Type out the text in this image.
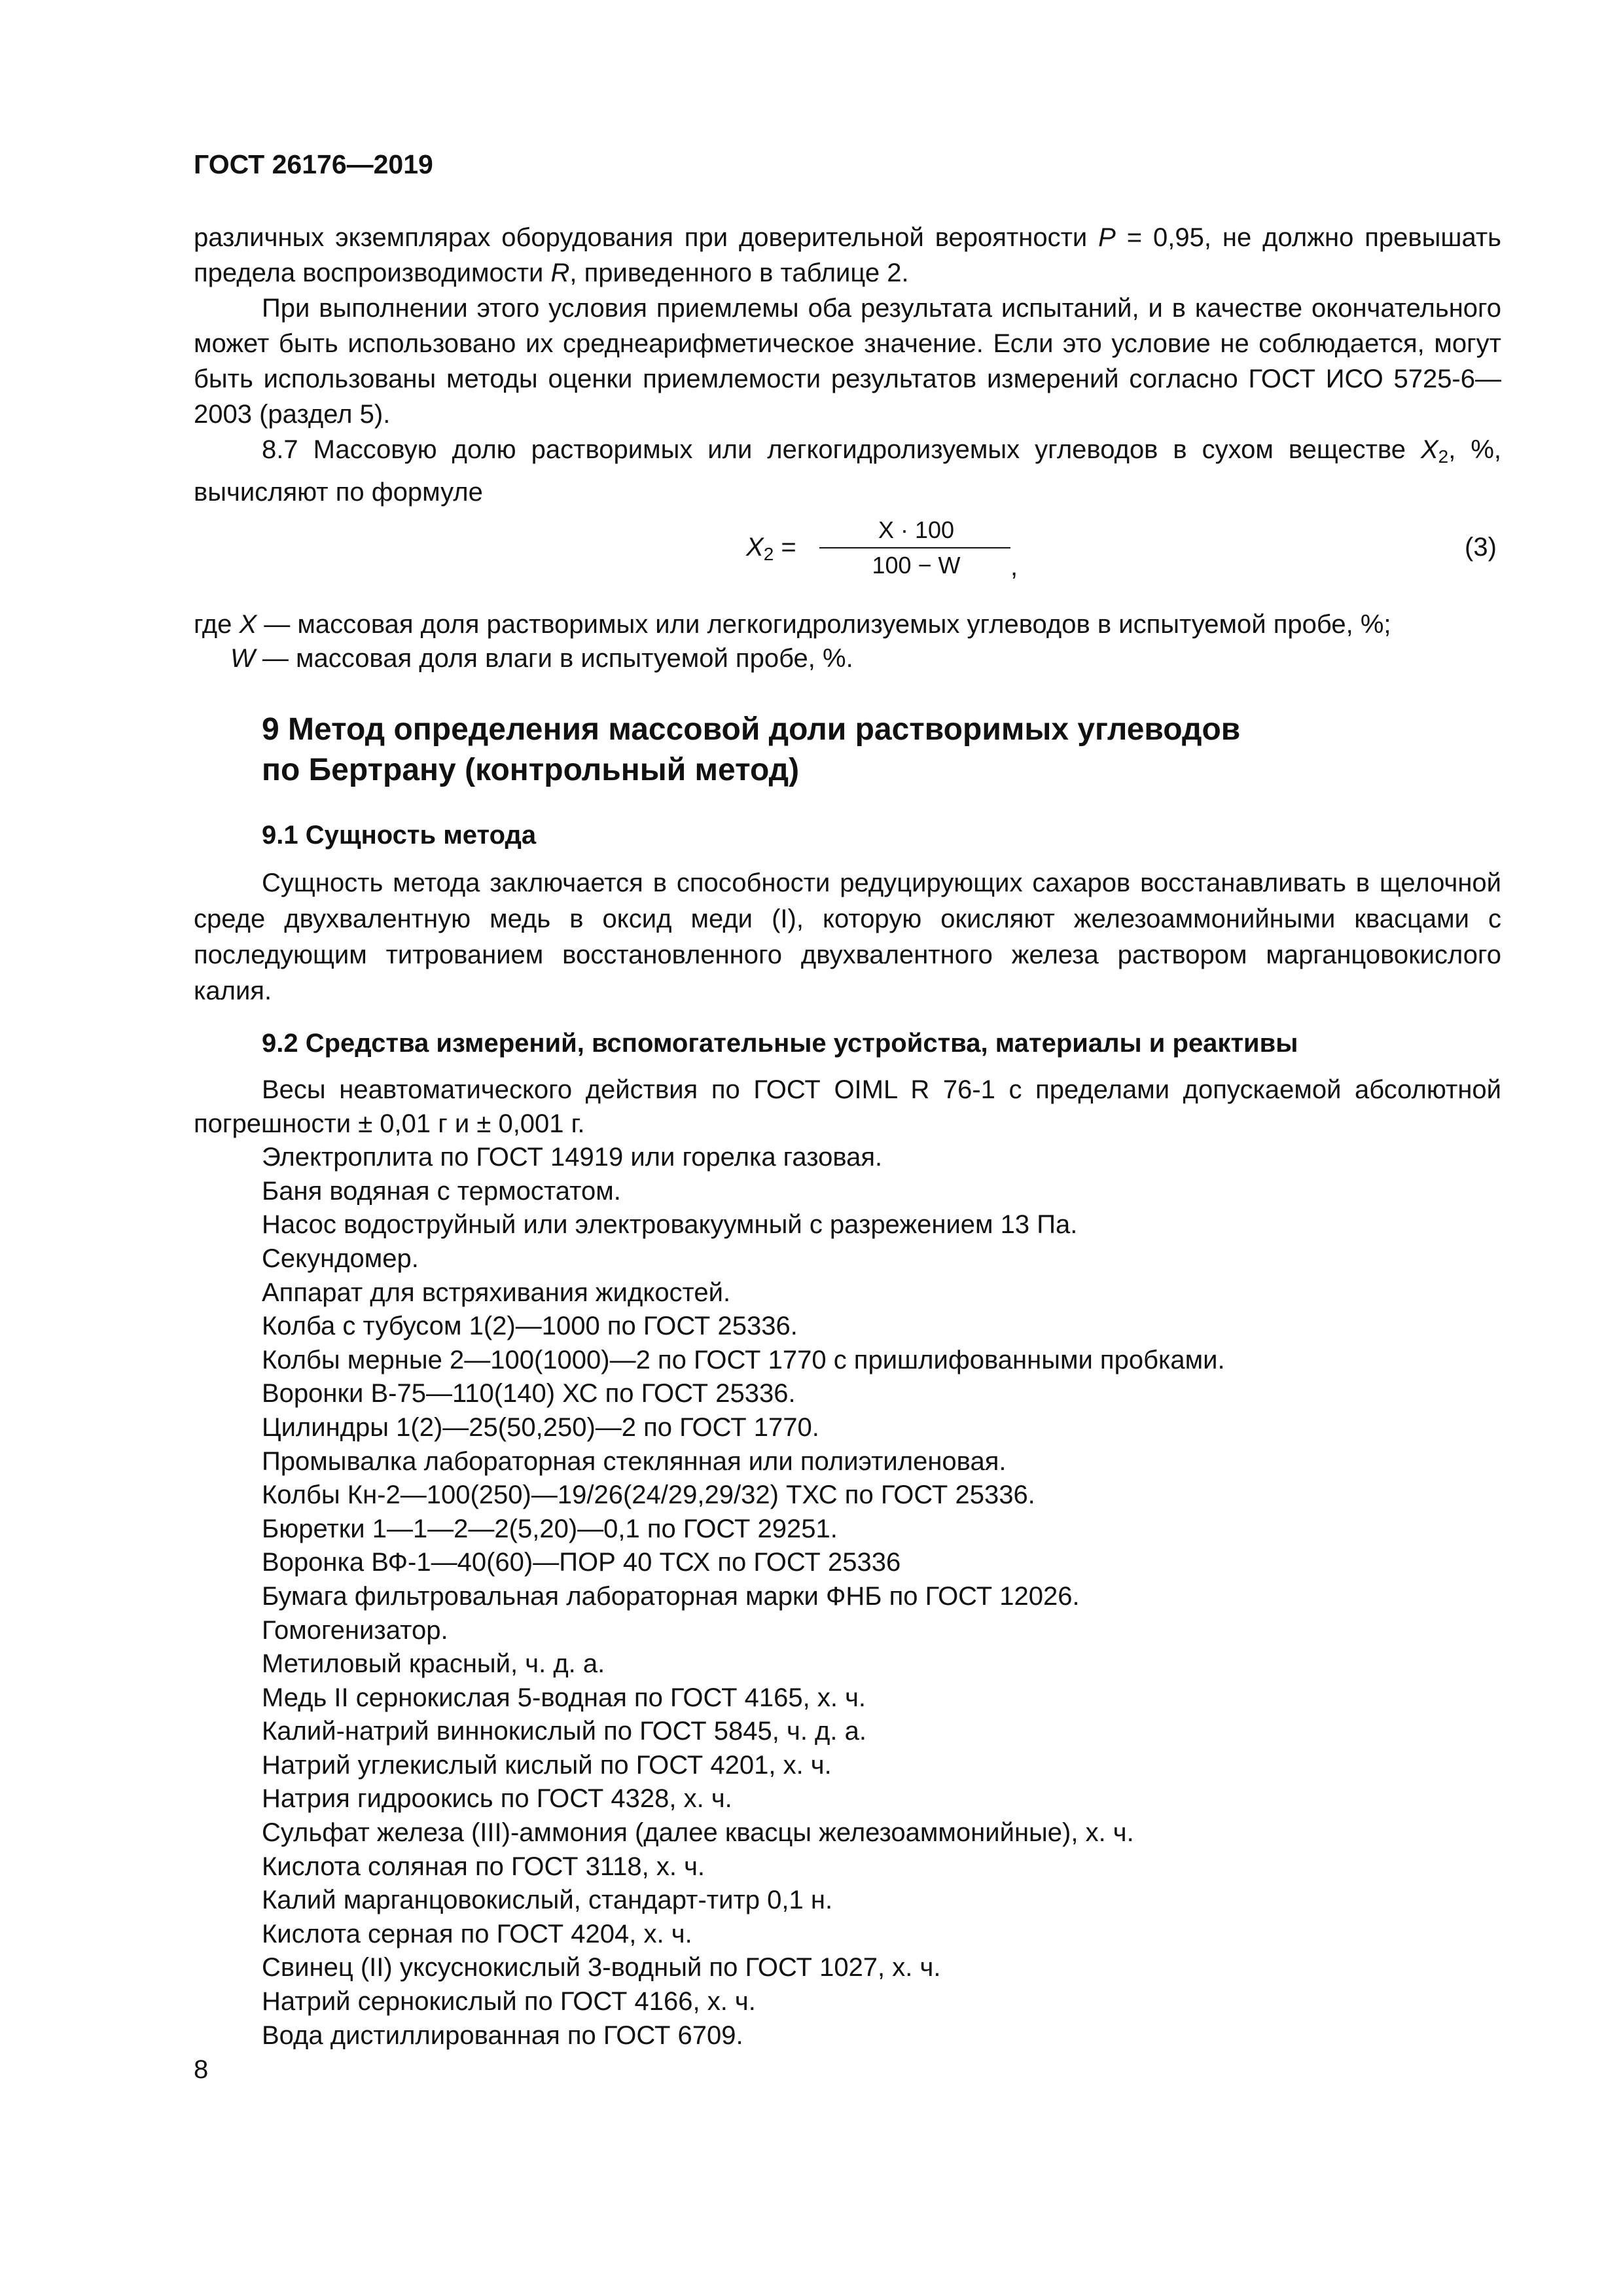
ГОСТ 26176—2019

различных экземплярах оборудования при доверительной вероятности P = 0,95, не должно превышать предела воспроизводимости R, приведенного в таблице 2.

При выполнении этого условия приемлемы оба результата испытаний, и в качестве окончательного может быть использовано их среднеарифметическое значение. Если это условие не соблюдается, могут быть использованы методы оценки приемлемости результатов измерений согласно ГОСТ ИСО 5725-6—2003 (раздел 5).

8.7 Массовую долю растворимых или легкогидролизуемых углеводов в сухом веществе $X_2$, %, вычисляют по формуле

$X_2$ =
X · 100
100 − W	,
(3)

где X — массовая доля растворимых или легкогидролизуемых углеводов в испытуемой пробе, %;

W — массовая доля влаги в испытуемой пробе, %.

9 Метод определения массовой доли растворимых углеводов
по Бертрану (контрольный метод)
9.1 Сущность метода

Сущность метода заключается в способности редуцирующих сахаров восстанавливать в щелочной среде двухвалентную медь в оксид меди (I), которую окисляют железоаммонийными квасцами с последующим титрованием восстановленного двухвалентного железа раствором марганцовокислого калия.

9.2 Средства измерений, вспомогательные устройства, материалы и реактивы

Весы неавтоматического действия по ГОСТ OIML R 76-1 с пределами допускаемой абсолютной погрешности ± 0,01 г и ± 0,001 г.

Электроплита по ГОСТ 14919 или горелка газовая.

Баня водяная с термостатом.

Насос водоструйный или электровакуумный с разрежением 13 Па.

Секундомер.

Аппарат для встряхивания жидкостей.

Колба с тубусом 1(2)—1000 по ГОСТ 25336.

Колбы мерные 2—100(1000)—2 по ГОСТ 1770 с пришлифованными пробками.

Воронки В-75—110(140) ХС по ГОСТ 25336.

Цилиндры 1(2)—25(50,250)—2 по ГОСТ 1770.

Промывалка лабораторная стеклянная или полиэтиленовая.

Колбы Кн-2—100(250)—19/26(24/29,29/32) ТХС по ГОСТ 25336.

Бюретки 1—1—2—2(5,20)—0,1 по ГОСТ 29251.

Воронка ВФ-1—40(60)—ПОР 40 ТСХ по ГОСТ 25336

Бумага фильтровальная лабораторная марки ФНБ по ГОСТ 12026.

Гомогенизатор.

Метиловый красный, ч. д. а.

Медь II сернокислая 5-водная по ГОСТ 4165, х. ч.

Калий-натрий виннокислый по ГОСТ 5845, ч. д. а.

Натрий углекислый кислый по ГОСТ 4201, х. ч.

Натрия гидроокись по ГОСТ 4328, х. ч.

Сульфат железа (III)-аммония (далее квасцы железоаммонийные), х. ч.

Кислота соляная по ГОСТ 3118, х. ч.

Калий марганцовокислый, стандарт-титр 0,1 н.

Кислота серная по ГОСТ 4204, х. ч.

Свинец (II) уксуснокислый 3-водный по ГОСТ 1027, х. ч.

Натрий сернокислый по ГОСТ 4166, х. ч.

Вода дистиллированная по ГОСТ 6709.

8
